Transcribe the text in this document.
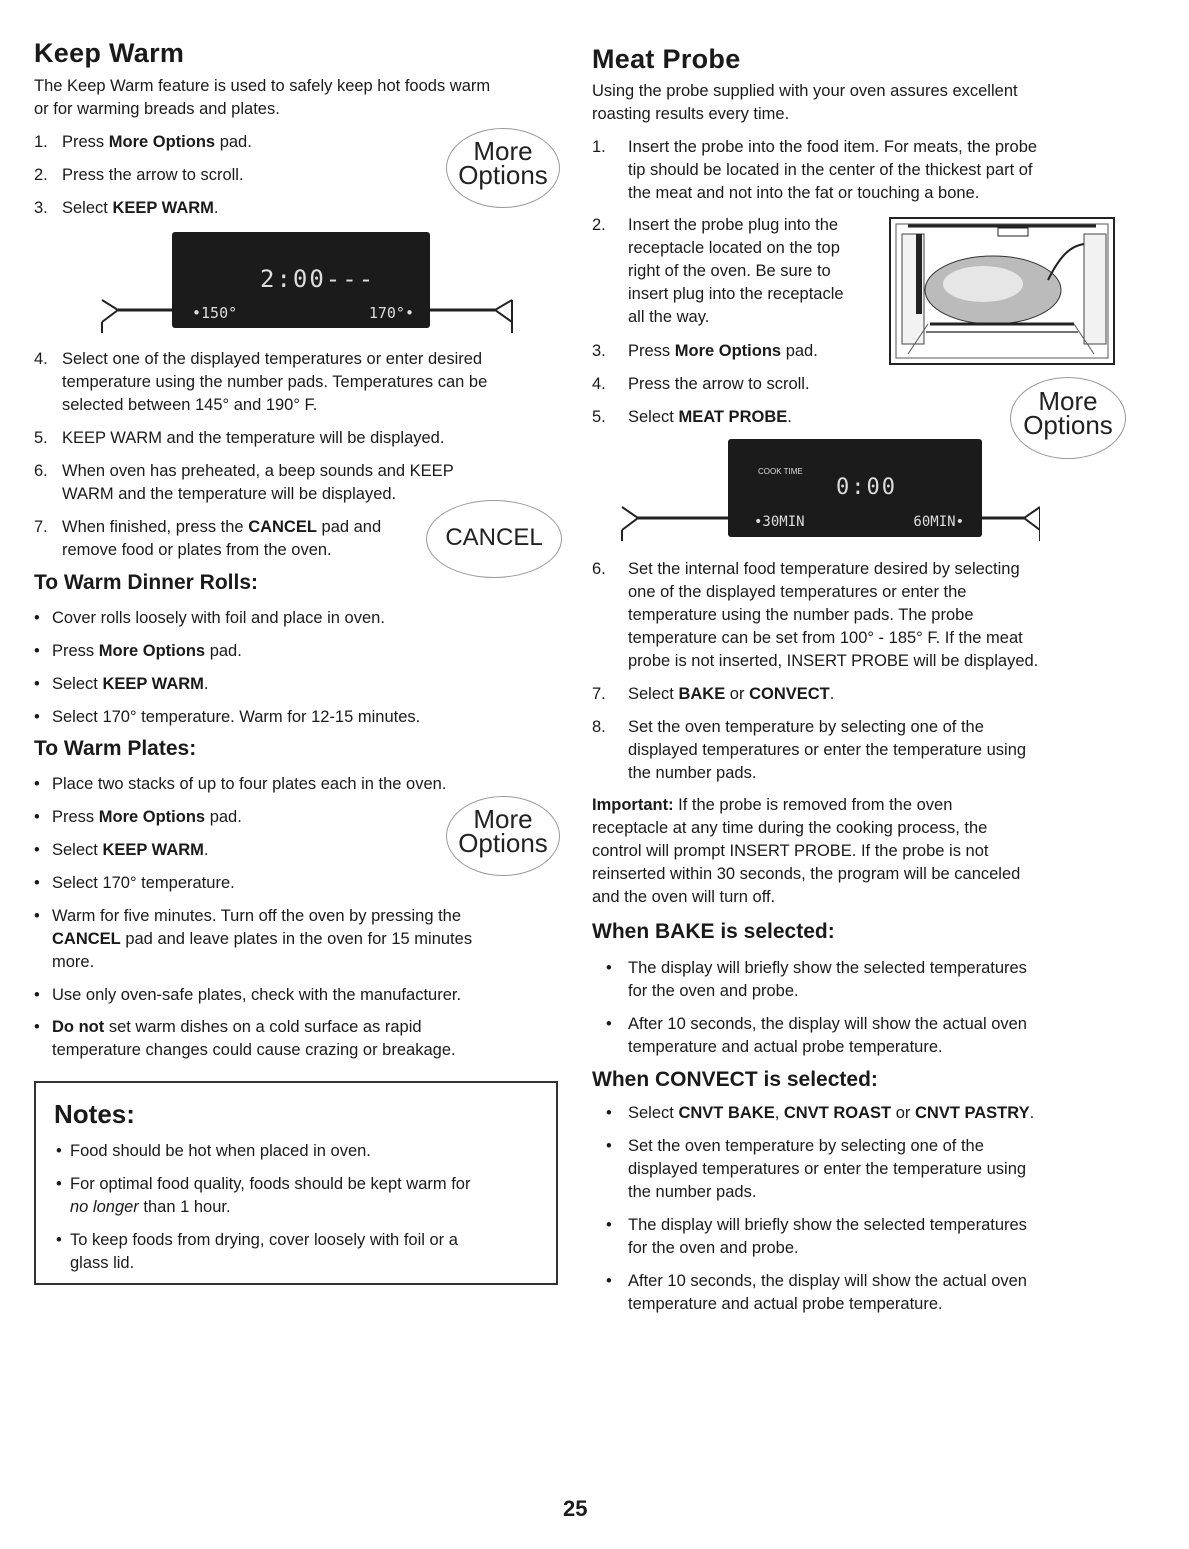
Keep Warm
The Keep Warm feature is used to safely keep hot foods warm
or for warming breads and plates.
1. Press More Options pad.
2. Press the arrow to scroll.
3. Select KEEP WARM.
More
Options
2:00---
•150°	170°•
4. Select one of the displayed temperatures or enter desired
temperature using the number pads. Temperatures can be
selected between 145° and 190° F.
5. KEEP WARM and the temperature will be displayed.
6. When oven has preheated, a beep sounds and KEEP
WARM and the temperature will be displayed.
7. When finished, press the CANCEL pad and
remove food or plates from the oven.	CANCEL
To Warm Dinner Rolls:
• Cover rolls loosely with foil and place in oven.
• Press More Options pad.
• Select KEEP WARM.
• Select 170° temperature. Warm for 12-15 minutes.
To Warm Plates:
• Place two stacks of up to four plates each in the oven.
• Press More Options pad.
• Select KEEP WARM.
• Select 170° temperature.
More
Options
• Warm for five minutes. Turn off the oven by pressing the
CANCEL pad and leave plates in the oven for 15 minutes
more.
• Use only oven-safe plates, check with the manufacturer.
• Do not set warm dishes on a cold surface as rapid
temperature changes could cause crazing or breakage.
Notes:
• Food should be hot when placed in oven.
• For optimal food quality, foods should be kept warm for
no longer than 1 hour.
• To keep foods from drying, cover loosely with foil or a
glass lid.
Meat Probe
Using the probe supplied with your oven assures excellent
roasting results every time.
1. Insert the probe into the food item. For meats, the probe
tip should be located in the center of the thickest part of
the meat and not into the fat or touching a bone.
2. Insert the probe plug into the
receptacle located on the top
right of the oven. Be sure to
insert plug into the receptacle
all the way.
3. Press More Options pad.
4. Press the arrow to scroll.
5. Select MEAT PROBE.
More
Options
COOK TIME
0:00
•30MIN	60MIN•
6. Set the internal food temperature desired by selecting
one of the displayed temperatures or enter the
temperature using the number pads. The probe
temperature can be set from 100° - 185° F. If the meat
probe is not inserted, INSERT PROBE will be displayed.
7. Select BAKE or CONVECT.
8. Set the oven temperature by selecting one of the
displayed temperatures or enter the temperature using
the number pads.
Important: If the probe is removed from the oven
receptacle at any time during the cooking process, the
control will prompt INSERT PROBE. If the probe is not
reinserted within 30 seconds, the program will be canceled
and the oven will turn off.
When BAKE is selected:
• The display will briefly show the selected temperatures
for the oven and probe.
• After 10 seconds, the display will show the actual oven
temperature and actual probe temperature.
When CONVECT is selected:
• Select CNVT BAKE, CNVT ROAST or CNVT PASTRY.
• Set the oven temperature by selecting one of the
displayed temperatures or enter the temperature using
the number pads.
• The display will briefly show the selected temperatures
for the oven and probe.
• After 10 seconds, the display will show the actual oven
temperature and actual probe temperature.
25
